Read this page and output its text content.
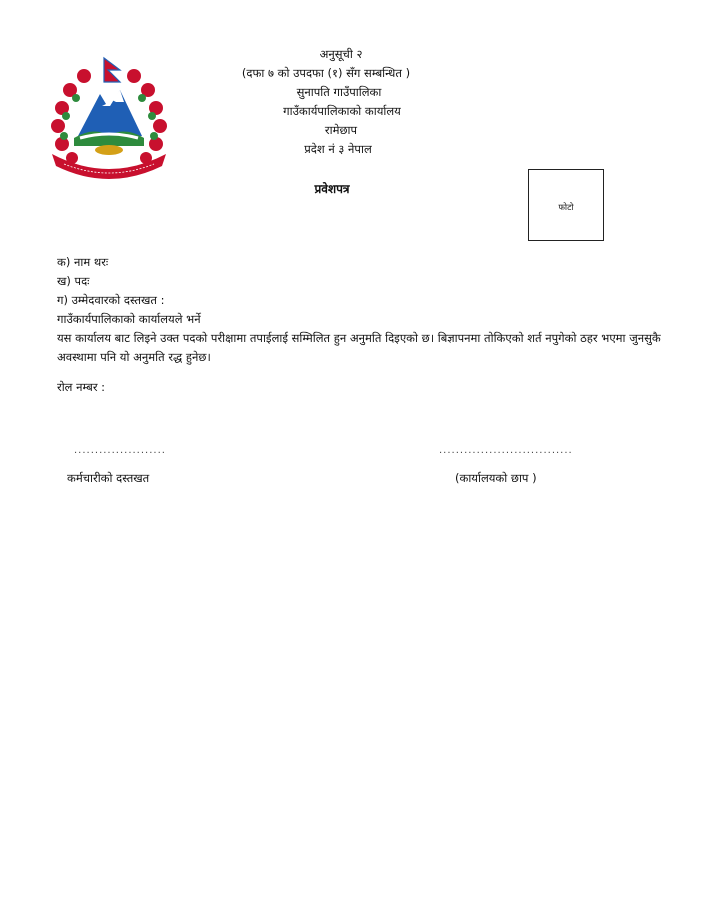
अनुसूची २
(दफा ७ को उपदफा (१) सँग सम्बन्धित )
सुनापति गाउँपालिका
गाउँकार्यपालिकाको कार्यालय
रामेछाप
प्रदेश नं ३ नेपाल
प्रवेशपत्र
फोटो
क) नाम थरः
ख) पदः
ग) उम्मेदवारको दस्तखत :
गाउँकार्यपालिकाको कार्यालयले भर्ने
यस कार्यालय बाट लिइने उक्त पदको परीक्षामा तपाईलाई सम्मिलित हुन अनुमति दिइएको छ। बिज्ञापनमा तोकिएको शर्त नपुगेको ठहर भएमा जुनसुकै अवस्थामा पनि यो अनुमति रद्ध हुनेछ।
रोल नम्बर :
......................	................................
कर्मचारीको दस्तखत	(कार्यालयको छाप )
